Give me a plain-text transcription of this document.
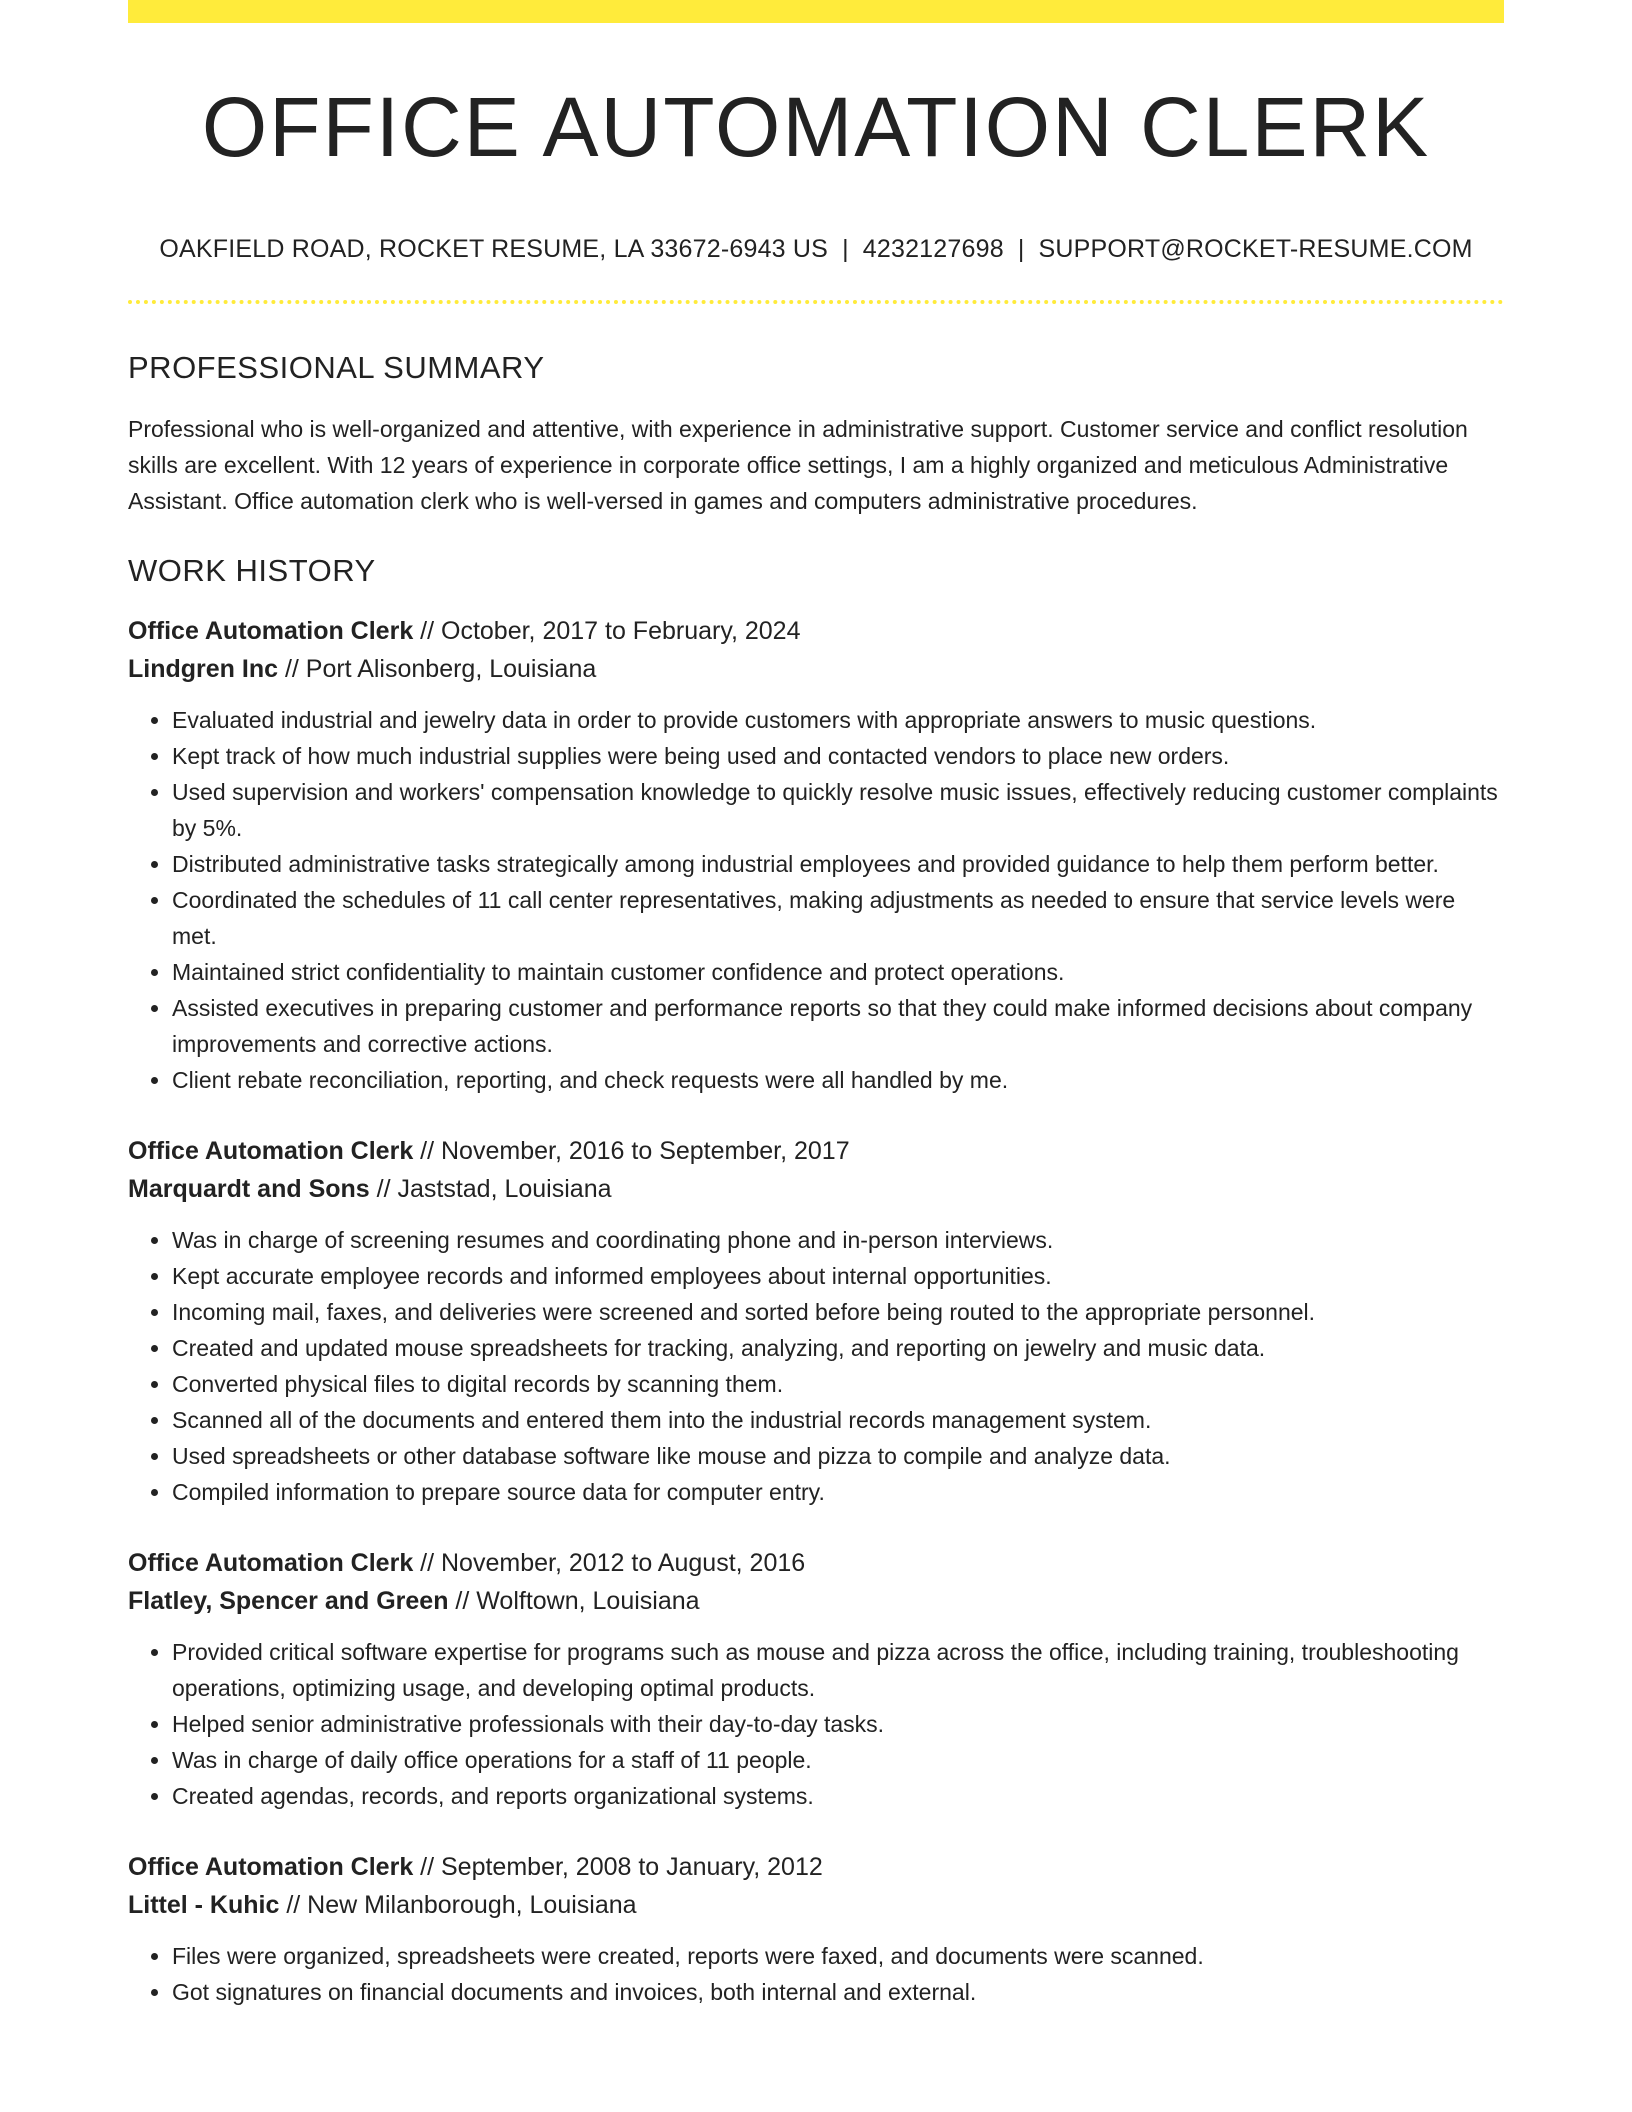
OFFICE AUTOMATION CLERK
OAKFIELD ROAD, ROCKET RESUME, LA 33672-6943 US | 4232127698 | SUPPORT@ROCKET-RESUME.COM
PROFESSIONAL SUMMARY

Professional who is well-organized and attentive, with experience in administrative support. Customer service and conflict resolution skills are excellent. With 12 years of experience in corporate office settings, I am a highly organized and meticulous Administrative Assistant. Office automation clerk who is well-versed in games and computers administrative procedures.

WORK HISTORY
Office Automation Clerk // October, 2017 to February, 2024
Lindgren Inc // Port Alisonberg, Louisiana
• Evaluated industrial and jewelry data in order to provide customers with appropriate answers to music questions.
• Kept track of how much industrial supplies were being used and contacted vendors to place new orders.
• Used supervision and workers' compensation knowledge to quickly resolve music issues, effectively reducing customer complaints by 5%.
• Distributed administrative tasks strategically among industrial employees and provided guidance to help them perform better.
• Coordinated the schedules of 11 call center representatives, making adjustments as needed to ensure that service levels were met.
• Maintained strict confidentiality to maintain customer confidence and protect operations.
• Assisted executives in preparing customer and performance reports so that they could make informed decisions about company improvements and corrective actions.
• Client rebate reconciliation, reporting, and check requests were all handled by me.
Office Automation Clerk // November, 2016 to September, 2017
Marquardt and Sons // Jaststad, Louisiana
• Was in charge of screening resumes and coordinating phone and in-person interviews.
• Kept accurate employee records and informed employees about internal opportunities.
• Incoming mail, faxes, and deliveries were screened and sorted before being routed to the appropriate personnel.
• Created and updated mouse spreadsheets for tracking, analyzing, and reporting on jewelry and music data.
• Converted physical files to digital records by scanning them.
• Scanned all of the documents and entered them into the industrial records management system.
• Used spreadsheets or other database software like mouse and pizza to compile and analyze data.
• Compiled information to prepare source data for computer entry.
Office Automation Clerk // November, 2012 to August, 2016
Flatley, Spencer and Green // Wolftown, Louisiana
• Provided critical software expertise for programs such as mouse and pizza across the office, including training, troubleshooting operations, optimizing usage, and developing optimal products.
• Helped senior administrative professionals with their day-to-day tasks.
• Was in charge of daily office operations for a staff of 11 people.
• Created agendas, records, and reports organizational systems.
Office Automation Clerk // September, 2008 to January, 2012
Littel - Kuhic // New Milanborough, Louisiana
• Files were organized, spreadsheets were created, reports were faxed, and documents were scanned.
• Got signatures on financial documents and invoices, both internal and external.
